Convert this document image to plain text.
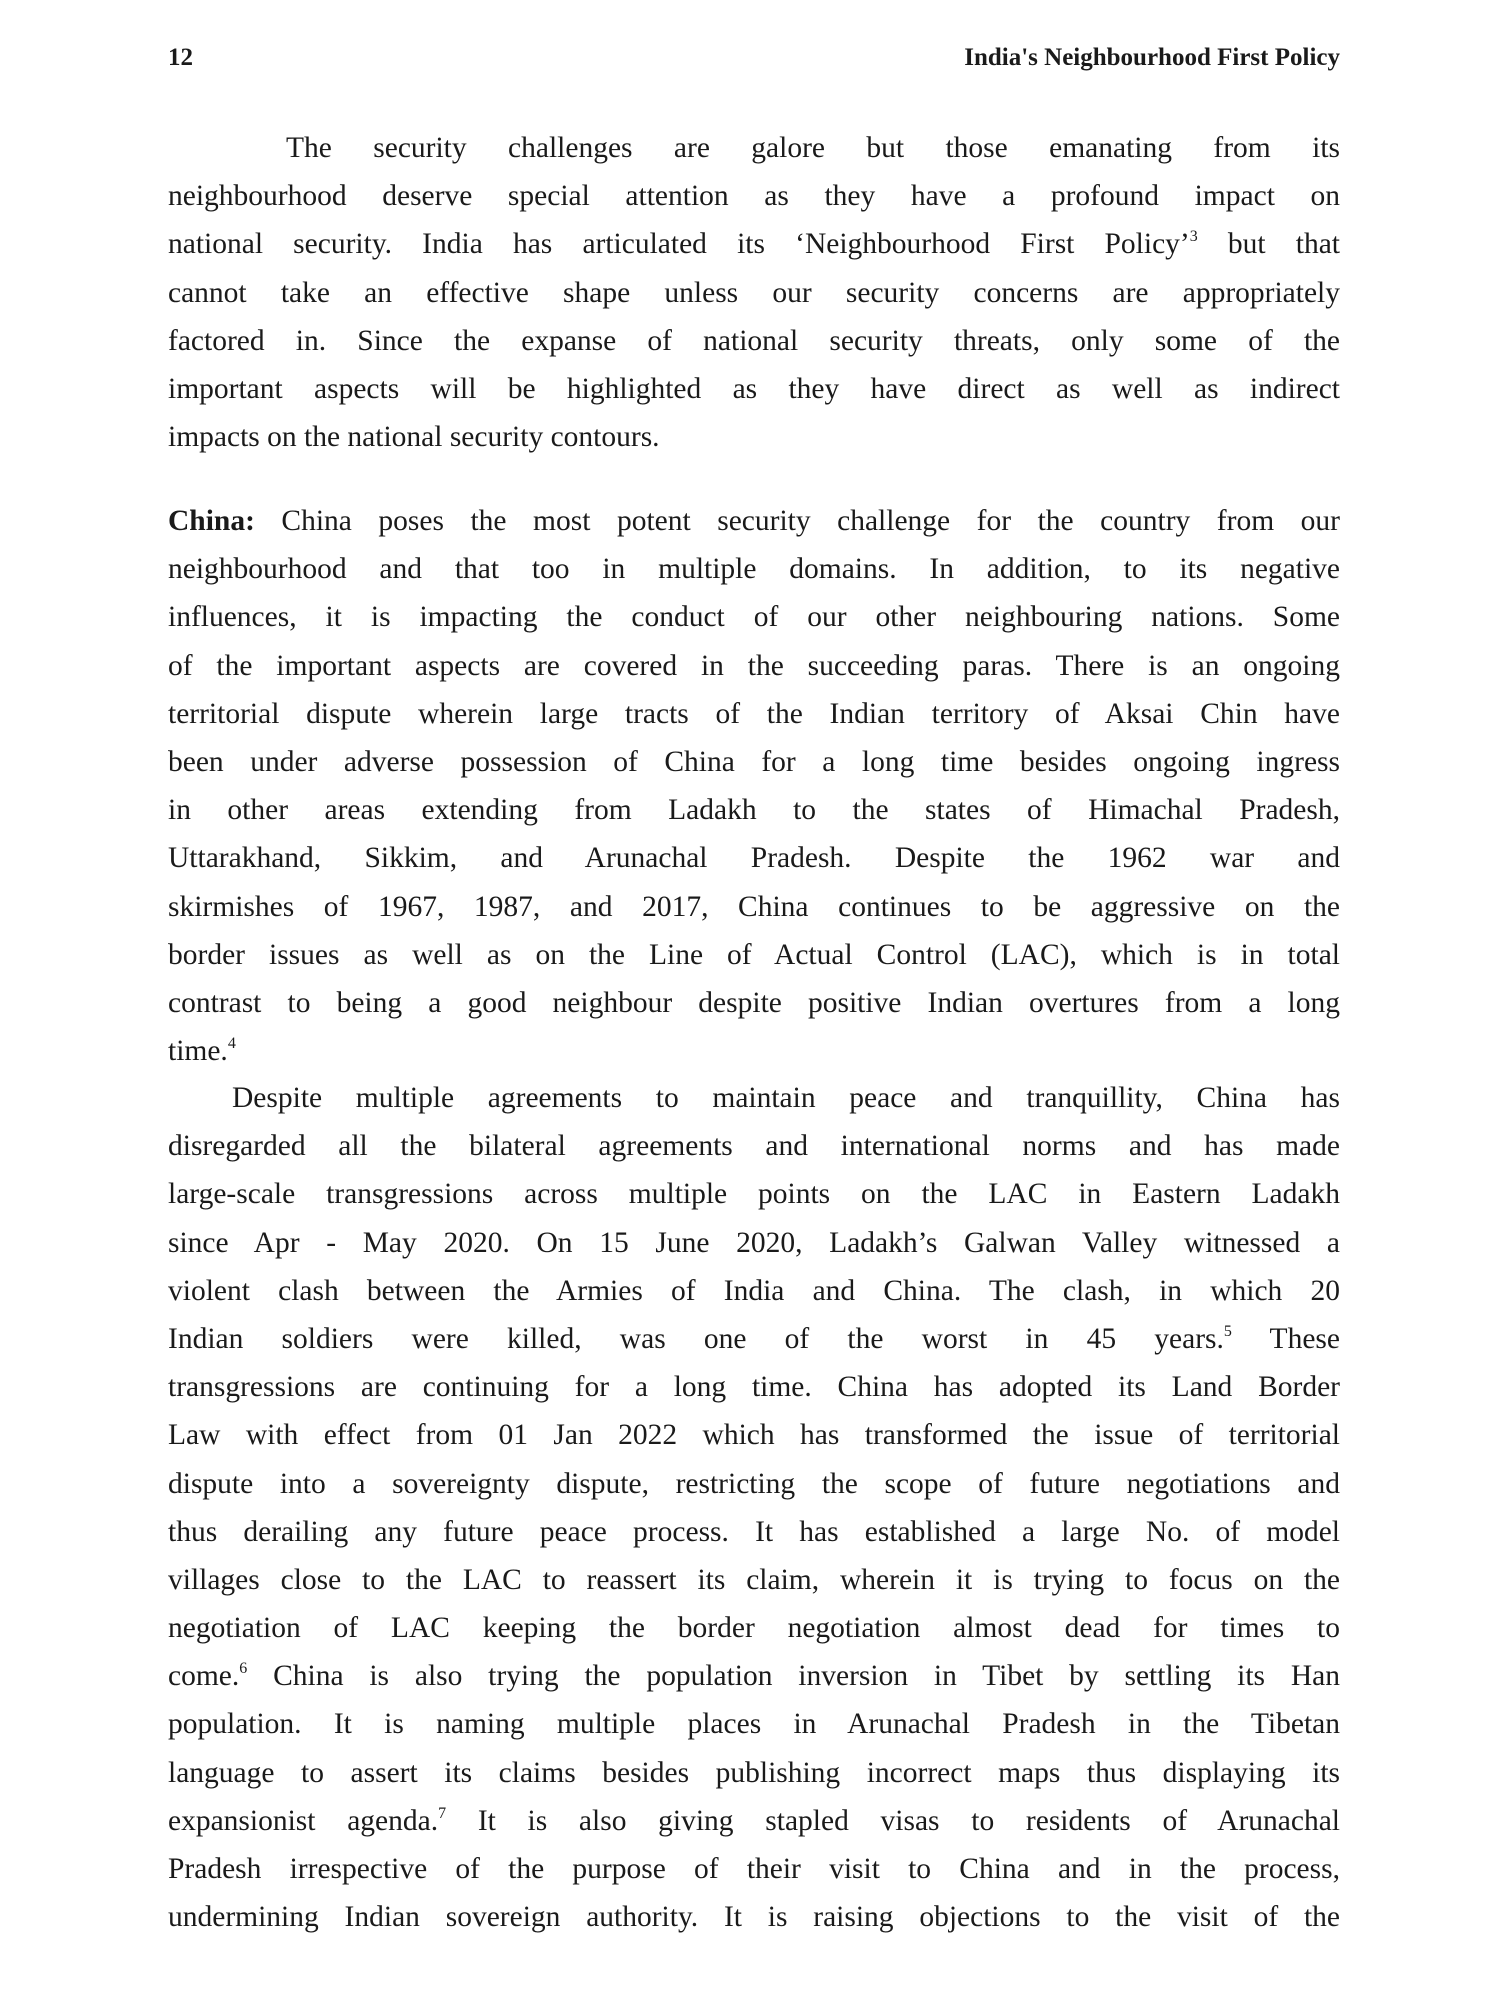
12	India's Neighbourhood First Policy
The security challenges are galore but those emanating from its
neighbourhood deserve special attention as they have a profound impact on
national security. India has articulated its ‘Neighbourhood First Policy’$^3$ but that
cannot take an effective shape unless our security concerns are appropriately
factored in. Since the expanse of national security threats, only some of the
important aspects will be highlighted as they have direct as well as indirect
impacts on the national security contours.
China: China poses the most potent security challenge for the country from our
neighbourhood and that too in multiple domains. In addition, to its negative
influences, it is impacting the conduct of our other neighbouring nations. Some
of the important aspects are covered in the succeeding paras. There is an ongoing
territorial dispute wherein large tracts of the Indian territory of Aksai Chin have
been under adverse possession of China for a long time besides ongoing ingress
in other areas extending from Ladakh to the states of Himachal Pradesh,
Uttarakhand, Sikkim, and Arunachal Pradesh. Despite the 1962 war and
skirmishes of 1967, 1987, and 2017, China continues to be aggressive on the
border issues as well as on the Line of Actual Control (LAC), which is in total
contrast to being a good neighbour despite positive Indian overtures from a long
time.$^4$
Despite multiple agreements to maintain peace and tranquillity, China has
disregarded all the bilateral agreements and international norms and has made
large-scale transgressions across multiple points on the LAC in Eastern Ladakh
since Apr - May 2020. On 15 June 2020, Ladakh’s Galwan Valley witnessed a
violent clash between the Armies of India and China. The clash, in which 20
Indian soldiers were killed, was one of the worst in 45 years.$^5$ These
transgressions are continuing for a long time. China has adopted its Land Border
Law with effect from 01 Jan 2022 which has transformed the issue of territorial
dispute into a sovereignty dispute, restricting the scope of future negotiations and
thus derailing any future peace process. It has established a large No. of model
villages close to the LAC to reassert its claim, wherein it is trying to focus on the
negotiation of LAC keeping the border negotiation almost dead for times to
come.$^6$ China is also trying the population inversion in Tibet by settling its Han
population. It is naming multiple places in Arunachal Pradesh in the Tibetan
language to assert its claims besides publishing incorrect maps thus displaying its
expansionist agenda.$^7$ It is also giving stapled visas to residents of Arunachal
Pradesh irrespective of the purpose of their visit to China and in the process,
undermining Indian sovereign authority. It is raising objections to the visit of the
